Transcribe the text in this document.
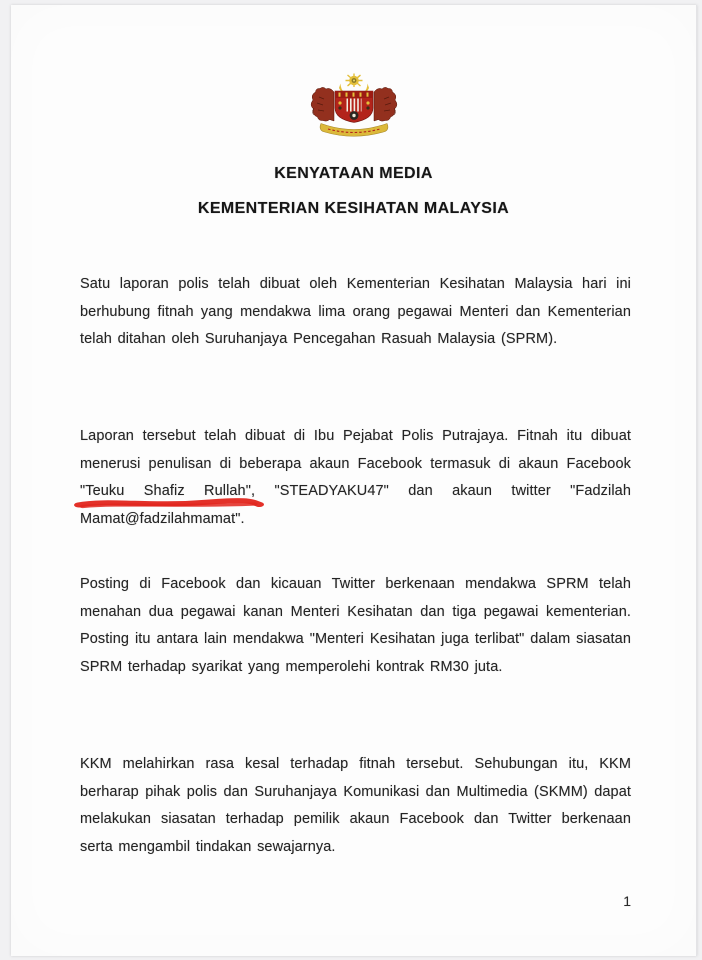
KENYATAAN MEDIA
KEMENTERIAN KESIHATAN MALAYSIA

Satu laporan polis telah dibuat oleh Kementerian Kesihatan Malaysia hari ini berhubung fitnah yang mendakwa lima orang pegawai Menteri dan Kementerian telah ditahan oleh Suruhanjaya Pencegahan Rasuah Malaysia (SPRM).

Laporan tersebut telah dibuat di Ibu Pejabat Polis Putrajaya. Fitnah itu dibuat menerusi penulisan di beberapa akaun Facebook termasuk di akaun Facebook "Teuku Shafiz Rullah",
"STEADYAKU47" dan akaun twitter "Fadzilah Mamat@fadzilahmamat".

Posting di Facebook dan kicauan Twitter berkenaan mendakwa SPRM telah menahan dua pegawai kanan Menteri Kesihatan dan tiga pegawai kementerian. Posting itu antara lain mendakwa "Menteri Kesihatan juga terlibat" dalam siasatan SPRM terhadap syarikat yang memperolehi kontrak RM30 juta.

KKM melahirkan rasa kesal terhadap fitnah tersebut. Sehubungan itu, KKM berharap pihak polis dan Suruhanjaya Komunikasi dan Multimedia (SKMM) dapat melakukan siasatan terhadap pemilik akaun Facebook dan Twitter berkenaan serta mengambil tindakan sewajarnya.

1
